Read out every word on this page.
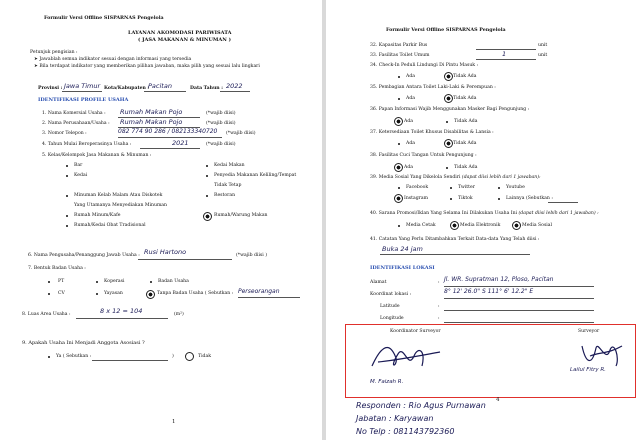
Formulir Versi Offline SISPARNAS Pengelola
LAYANAN AKOMODASI PARIWISATA
( JASA MAKANAN & MINUMAN )
Petunjuk pengisian :
➤ Jawablah semua indikator sesuai dengan informasi yang tersedia
➤ Bila terdapat indikator yang memberikan pilihan jawaban, maka pilih yang sesuai lalu lingkari
Provinsi : Jawa Timur Kota/Kabupaten :
Pacitan	Data Tahun : 2022
IDENTIFIKASI PROFILE USAHA
1. Nama Komersial Usaha : Rumah Makan Pojo	(*wajib diisi)
2. Nama Perusahaan/Usaha : Rumah Makan Pojo	(*wajib diisi)
3. Nomor Telepon :	082 774 90 286 / 082133340720 (*wajib diisi)
4. Tahun Mulai Beroperasinya Usaha :	2021	(*wajib diisi)
5. Kelas/Kelompok Jasa Makanan & Minuman :
Bar
Kedai
Kedai Makan
Penyedia Makanan Keliling/Tempat
Tidak Tetap
Restoran
Minuman Kelab Malam Atau Diskotek
Yang Utamanya Menyediakan Minuman
Rumah Minum/Kafe	Rumah/Warung Makan
Rumah/Kedai Obat Tradisional
6. Nama Pengusaha/Penanggung Jawab Usaha : Rusi Hartono	(*wajib diisi )
7. Bentuk Badan Usaha :
PT	Koperasi	Badan Usaha
CV	Yayasan	Tanpa Badan Usaha ( Sebutkan : Perseorangan
8. Luas Area Usaha :	8 x 12 = 104	(m²)
9. Apakah Usaha Ini Menjadi Anggota Asosiasi ?
Ya ( Sebutkan :	)	Tidak
1
Formulir Versi Offline SISPARNAS Pengelola
32. Kapasitas Parkir Bus	unit
33. Fasilitas Toilet Umum	1	unit
34. Check-In Peduli Lindungi Di Pintu Masuk :
Ada	Tidak Ada
35. Pembagian Antara Toilet Laki-Laki & Perempuan :
Ada	Tidak Ada
36. Papan Informasi Wajib Menggunakan Masker Bagi Pengunjung :
Ada	Tidak Ada
37. Ketersediaan Toilet Khusus Disabilitas & Lansia :
Ada	Tidak Ada
38. Fasilitas Cuci Tangan Untuk Pengunjung :
Ada	Tidak Ada
39. Media Sosial Yang Dikelola Sendiri (dapat diisi lebih dari 1 jawaban):
Facebook	Twitter	Youtube
Instagram	Tiktok	Lainnya (Sebutkan :
40. Sarana Promosi/Iklan Yang Selama Ini Dilakukan Usaha Ini (dapat diisi lebih dari 1 jawaban) :
Media Cetak	Media Elektronik	Media Sosial
41. Catatan Yang Perlu Ditambahkan Terkait Data-data Yang Telah diisi :
Buka 24 jam
IDENTIFIKASI LOKASI
Alamat	: Jl. WR. Supratman 12, Ploso, Pacitan
Koordinat lokasi :	8° 12' 26.0" S 111° 6' 12.2" E
Latitude	:
Longitude	:
Koordinator Surveyor	Surveyor
M. Faizah R.
Lailul Fitry R.
4
Responden : Rio Agus Purnawan
Jabatan : Karyawan
No Telp : 081143792360
